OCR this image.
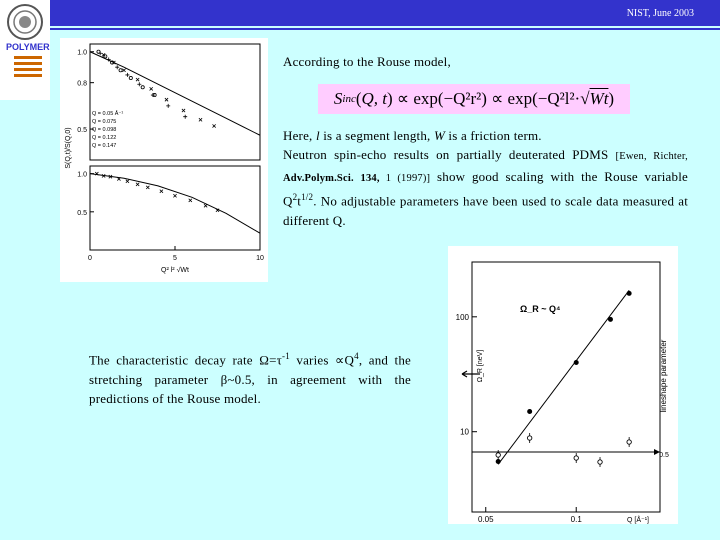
NIST, June 2003
POLYMER
1.0
0.8
0.5
1.0
0.5
0	5	10
Q² l² √Wt
S(Q,t)/S(Q,0)
Q = 0.05 Å⁻¹
Q = 0.075
Q = 0.098
Q = 0.122
Q = 0.147
According to the Rouse model,
S inc ( Q, t ) ∝ exp(−Q²r²) ∝ exp(−Q²l²·√ Wt )
Here, l is a segment length, W is a friction term.
Neutron spin-echo results on partially deuterated PDMS [Ewen, Richter, Adv.Polym.Sci. 134, 1 (1997)] show good scaling with the Rouse variable $Q^2t^{1/2}$. No adjustable parameters have been used to scale data measured at different Q.
The characteristic decay rate $\Omega=\tau^{-1}$ varies $\propto Q^4$, and the stretching parameter β~0.5, in agreement with the predictions of the Rouse model.
100
10
0.05	0.1	Q [Å⁻¹]
Ω_R [neV]	lineshape parameter
0.5
Ω_R ~ Q⁴
